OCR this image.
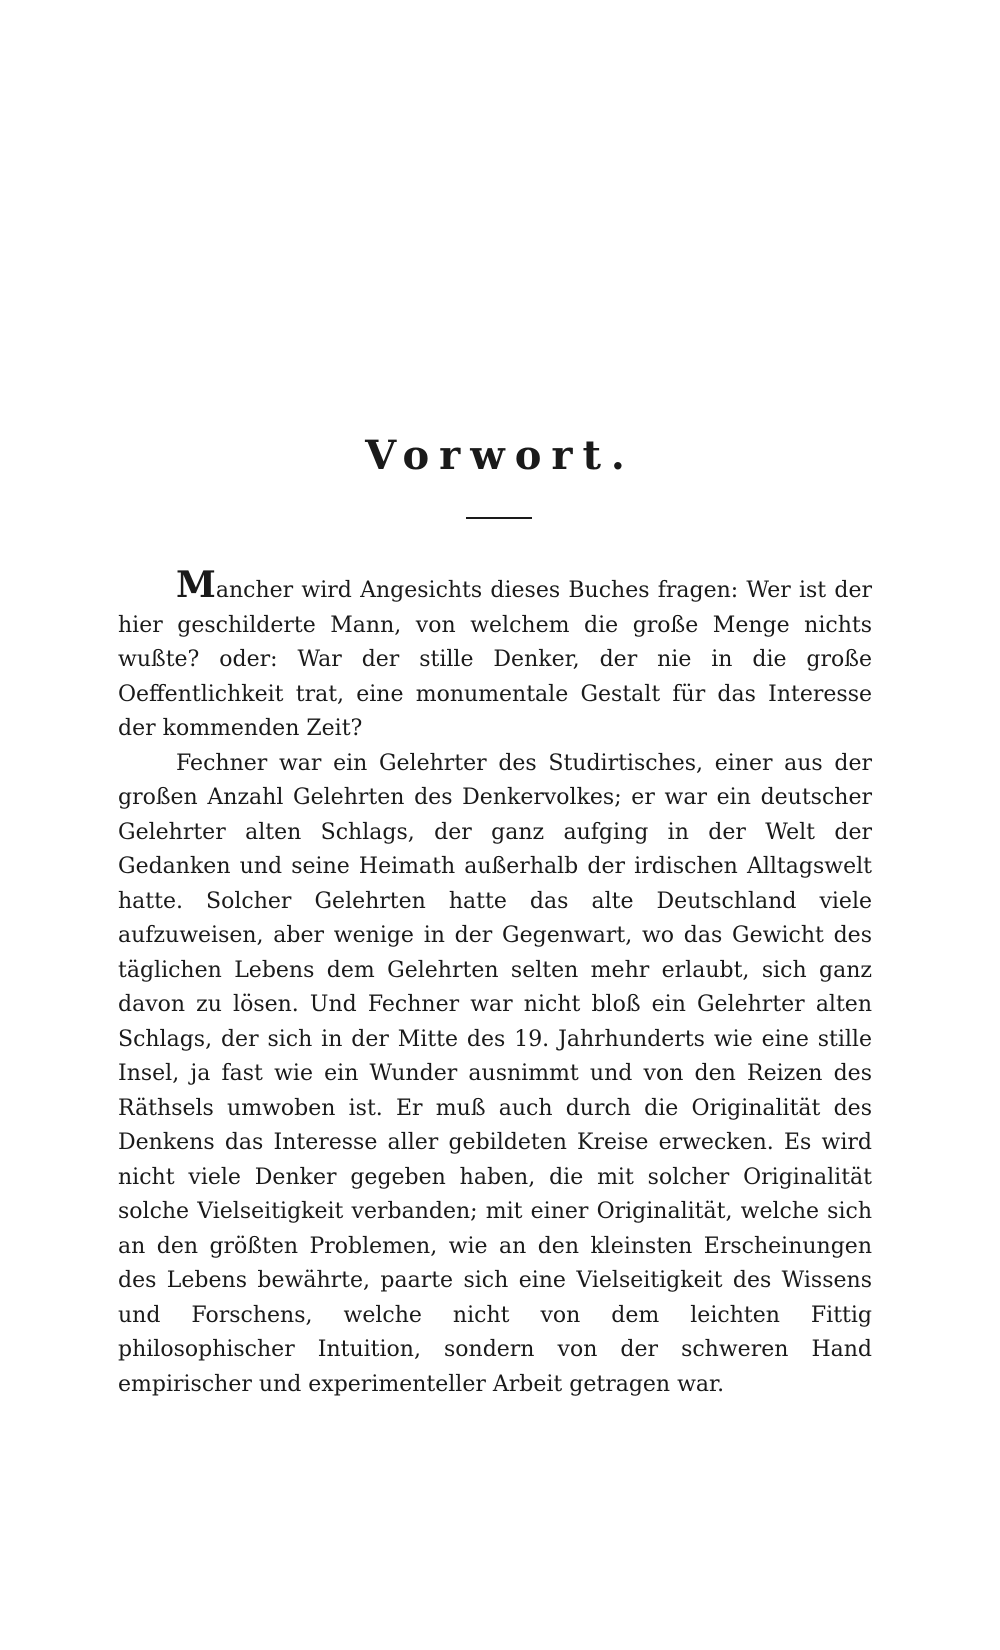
Vorwort.

Mancher wird Angesichts dieses Buches fragen: Wer ist der hier geschilderte Mann, von welchem die große Menge nichts wußte? oder: War der stille Denker, der nie in die große Oeffentlichkeit trat, eine monumentale Gestalt für das Interesse der kommenden Zeit?

Fechner war ein Gelehrter des Studirtisches, einer aus der großen Anzahl Gelehrten des Denkervolkes; er war ein deutscher Gelehrter alten Schlags, der ganz aufging in der Welt der Gedanken und seine Heimath außerhalb der irdischen Alltagswelt hatte. Solcher Gelehrten hatte das alte Deutschland viele aufzuweisen, aber wenige in der Gegenwart, wo das Gewicht des täglichen Lebens dem Gelehrten selten mehr erlaubt, sich ganz davon zu lösen. Und Fechner war nicht bloß ein Gelehrter alten Schlags, der sich in der Mitte des 19. Jahrhunderts wie eine stille Insel, ja fast wie ein Wunder ausnimmt und von den Reizen des Räthsels umwoben ist. Er muß auch durch die Originalität des Denkens das Interesse aller gebildeten Kreise erwecken. Es wird nicht viele Denker gegeben haben, die mit solcher Originalität solche Vielseitigkeit verbanden; mit einer Originalität, welche sich an den größten Problemen, wie an den kleinsten Erscheinungen des Lebens bewährte, paarte sich eine Vielseitigkeit des Wissens und Forschens, welche nicht von dem leichten Fittig philosophischer Intuition, sondern von der schweren Hand empirischer und experimenteller Arbeit getragen war.
